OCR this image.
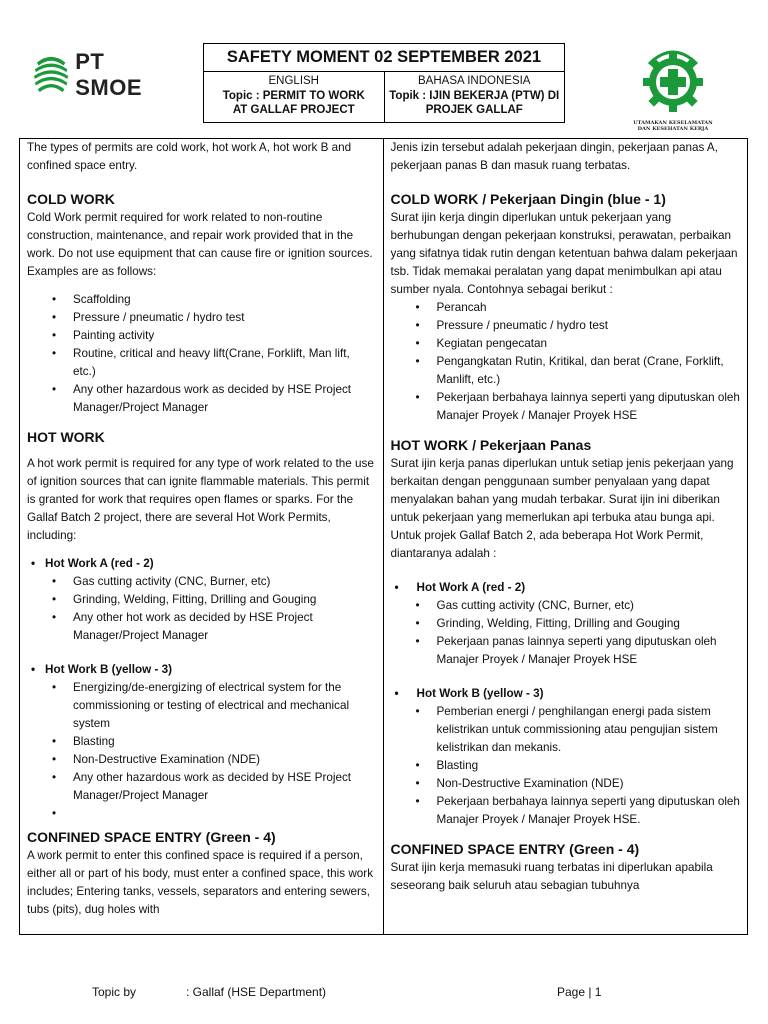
PT SMOE
SAFETY MOMENT 02 SEPTEMBER 2021
ENGLISH
Topic : PERMIT TO WORK
AT GALLAF PROJECT
BAHASA INDONESIA
Topik : IJIN BEKERJA (PTW) DI
PROJEK GALLAF
UTAMAKAN KESELAMATAN
DAN KESEHATAN KERJA

The types of permits are cold work, hot work A, hot work B and confined space entry.

COLD WORK

Cold Work permit required for work related to non-routine construction, maintenance, and repair work provided that in the work. Do not use equipment that can cause fire or ignition sources. Examples are as follows:

• Scaffolding
• Pressure / pneumatic / hydro test
• Painting activity
• Routine, critical and heavy lift(Crane, Forklift, Man lift, etc.)
• Any other hazardous work as decided by HSE Project Manager/Project Manager
HOT WORK

A hot work permit is required for any type of work related to the use of ignition sources that can ignite flammable materials. This permit is granted for work that requires open flames or sparks. For the Gallaf Batch 2 project, there are several Hot Work Permits, including:

• Hot Work A (red - 2)
• Gas cutting activity (CNC, Burner, etc)
• Grinding, Welding, Fitting, Drilling and Gouging
• Any other hot work as decided by HSE Project Manager/Project Manager
• Hot Work B (yellow - 3)
• Energizing/de-energizing of electrical system for the commissioning or testing of electrical and mechanical system
• Blasting
• Non-Destructive Examination (NDE)
• Any other hazardous work as decided by HSE Project Manager/Project Manager
•
CONFINED SPACE ENTRY (Green - 4)

A work permit to enter this confined space is required if a person, either all or part of his body, must enter a confined space, this work includes; Entering tanks, vessels, separators and entering sewers, tubs (pits), dug holes with

Jenis izin tersebut adalah pekerjaan dingin, pekerjaan panas A, pekerjaan panas B dan masuk ruang terbatas.

COLD WORK / Pekerjaan Dingin (blue - 1)

Surat ijin kerja dingin diperlukan untuk pekerjaan yang berhubungan dengan pekerjaan konstruksi, perawatan, perbaikan yang sifatnya tidak rutin dengan ketentuan bahwa dalam pekerjaan tsb. Tidak memakai peralatan yang dapat menimbulkan api atau sumber nyala. Contohnya sebagai berikut :

• Perancah
• Pressure / pneumatic / hydro test
• Kegiatan pengecatan
• Pengangkatan Rutin, Kritikal, dan berat (Crane, Forklift, Manlift, etc.)
• Pekerjaan berbahaya lainnya seperti yang diputuskan oleh Manajer Proyek / Manajer Proyek HSE
HOT WORK / Pekerjaan Panas

Surat ijin kerja panas diperlukan untuk setiap jenis pekerjaan yang berkaitan dengan penggunaan sumber penyalaan yang dapat menyalakan bahan yang mudah terbakar. Surat ijin ini diberikan untuk pekerjaan yang memerlukan api terbuka atau bunga api. Untuk projek Gallaf Batch 2, ada beberapa Hot Work Permit, diantaranya adalah :

• Hot Work A (red - 2)
• Gas cutting activity (CNC, Burner, etc)
• Grinding, Welding, Fitting, Drilling and Gouging
• Pekerjaan panas lainnya seperti yang diputuskan oleh Manajer Proyek / Manajer Proyek HSE
• Hot Work B (yellow - 3)
• Pemberian energi / penghilangan energi pada sistem kelistrikan untuk commissioning atau pengujian sistem kelistrikan dan mekanis.
• Blasting
• Non-Destructive Examination (NDE)
• Pekerjaan berbahaya lainnya seperti yang diputuskan oleh Manajer Proyek / Manajer Proyek HSE.
CONFINED SPACE ENTRY (Green - 4)

Surat ijin kerja memasuki ruang terbatas ini diperlukan apabila seseorang baik seluruh atau sebagian tubuhnya

Topic by	: Gallaf (HSE Department)	Page | 1
